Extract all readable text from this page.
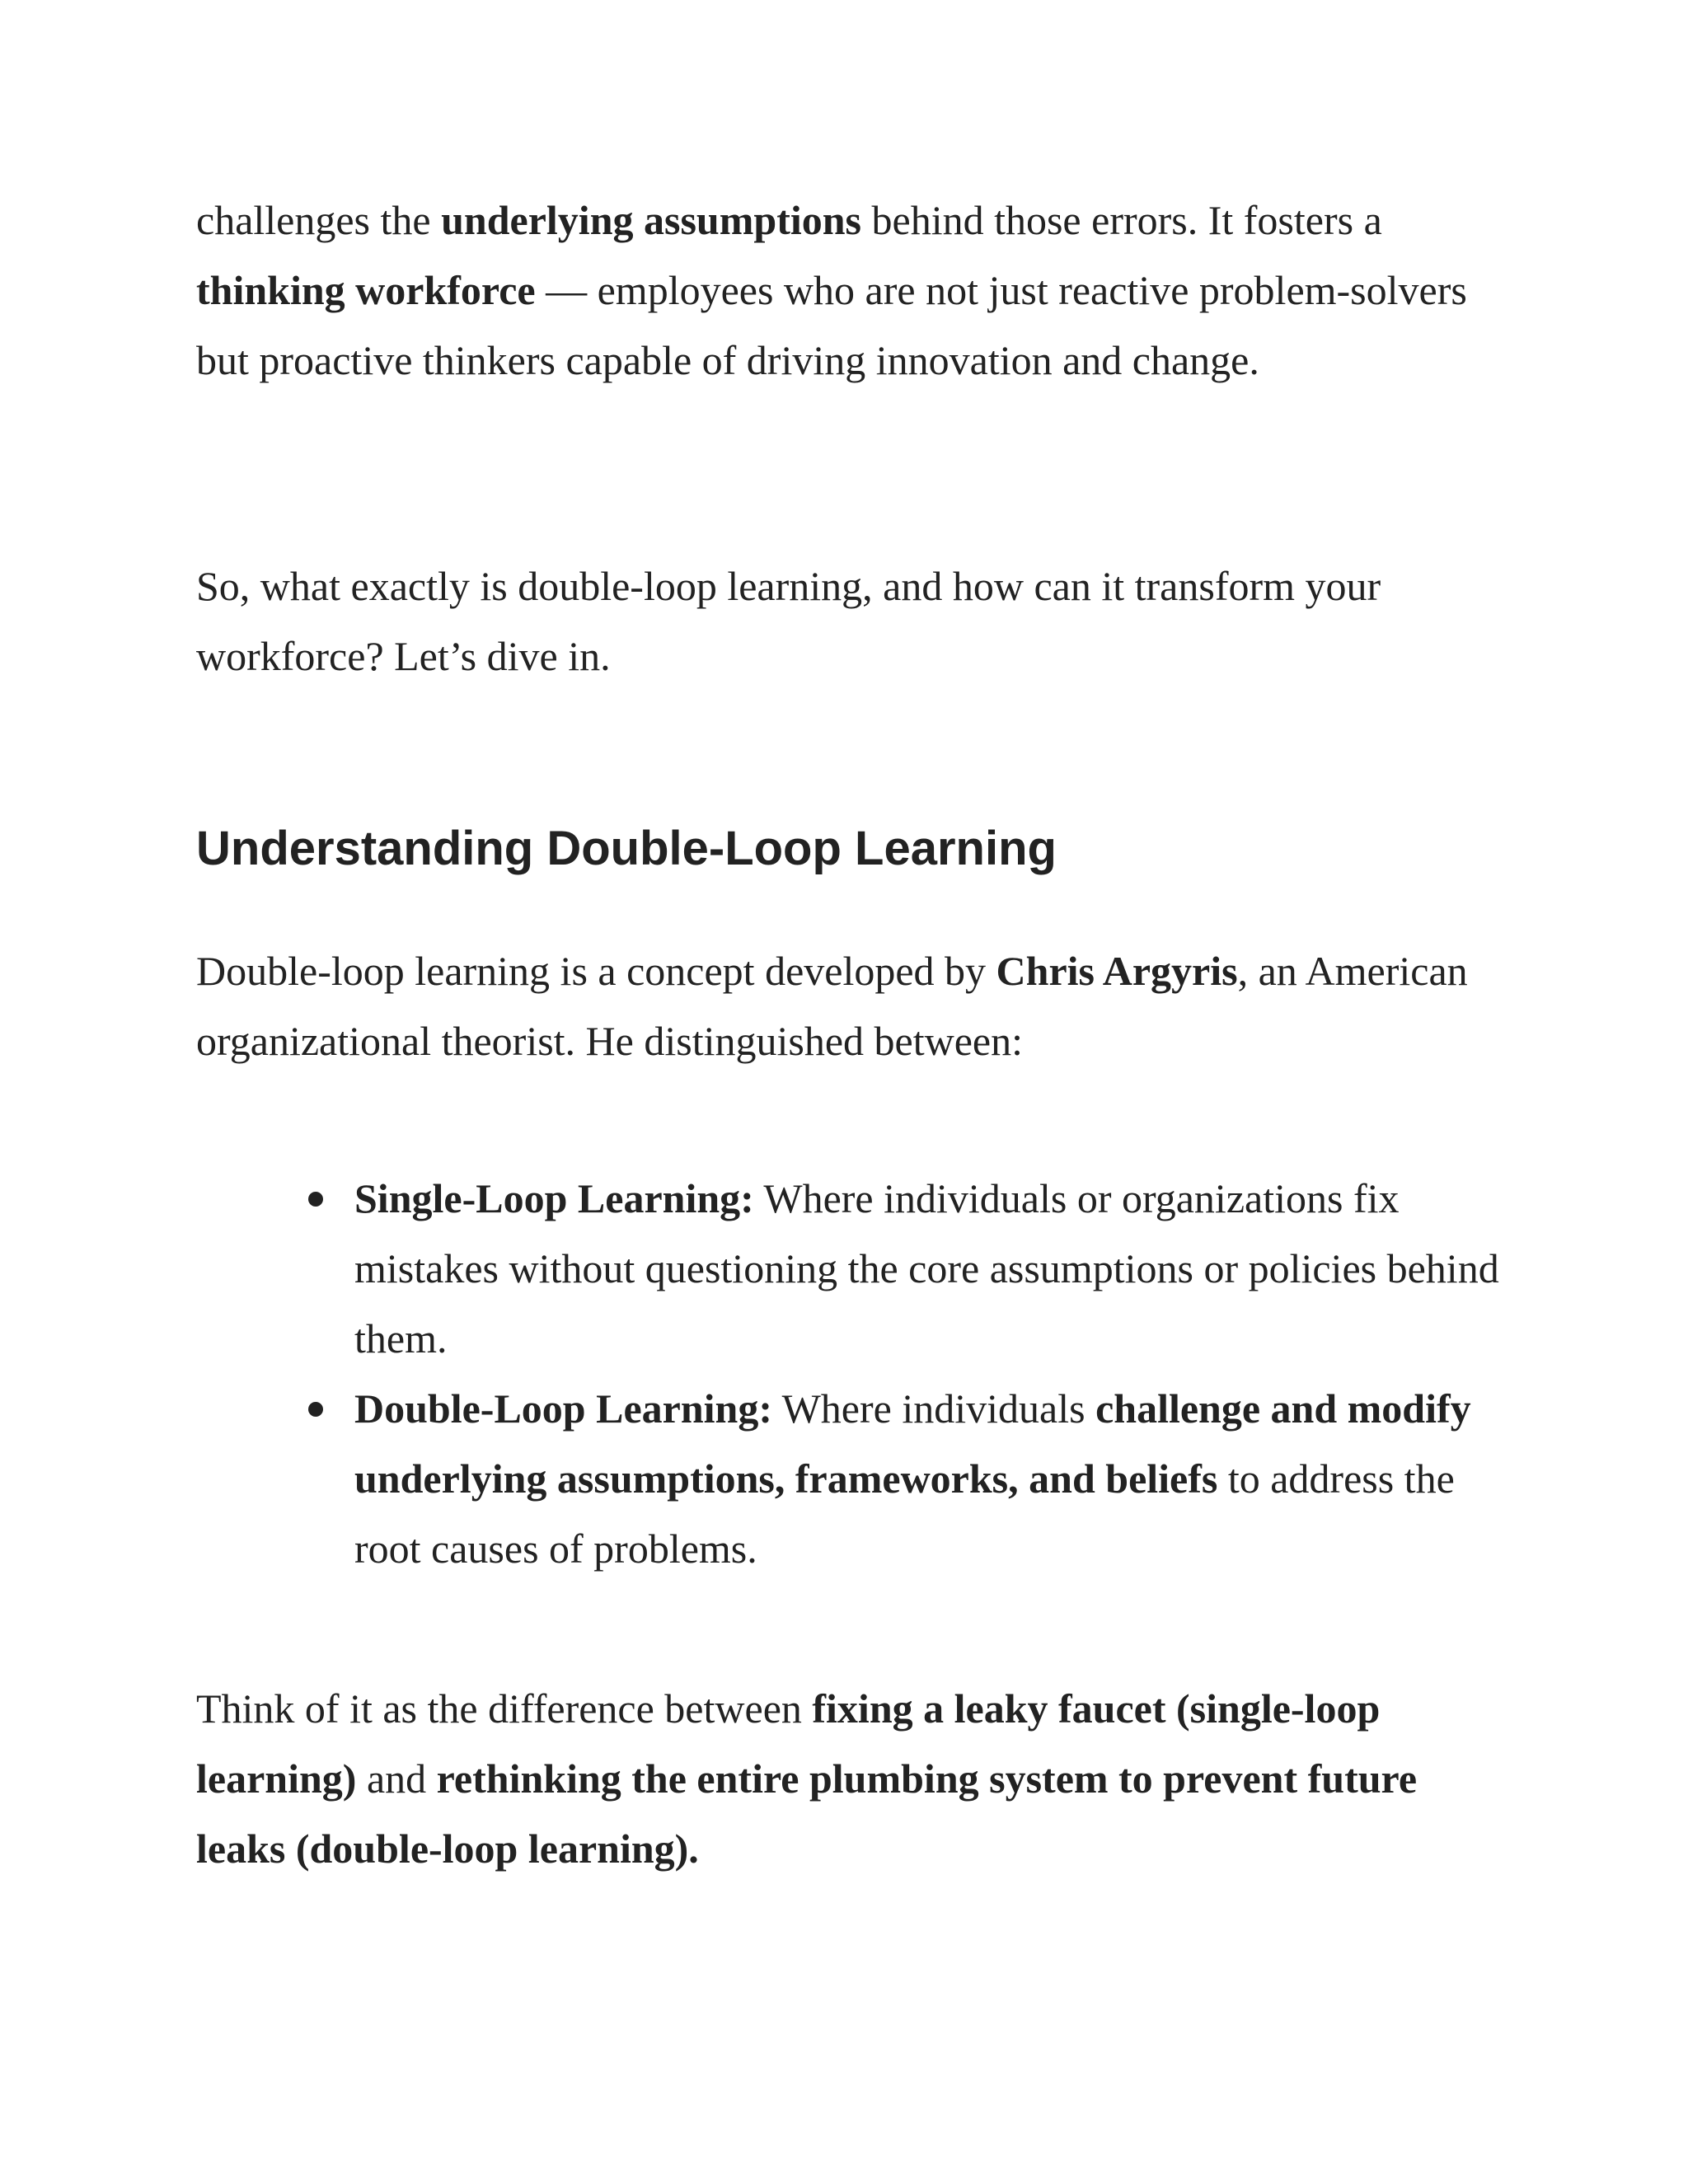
challenges the underlying assumptions behind those errors. It fosters a thinking workforce — employees who are not just reactive problem-solvers but proactive thinkers capable of driving innovation and change.

So, what exactly is double-loop learning, and how can it transform your workforce? Let’s dive in.

Understanding Double-Loop Learning

Double-loop learning is a concept developed by Chris Argyris, an American organizational theorist. He distinguished between:

Single-Loop Learning: Where individuals or organizations fix mistakes without questioning the core assumptions or policies behind them.
Double-Loop Learning: Where individuals challenge and modify underlying assumptions, frameworks, and beliefs to address the root causes of problems.

Think of it as the difference between fixing a leaky faucet (single-loop learning) and rethinking the entire plumbing system to prevent future leaks (double-loop learning).
